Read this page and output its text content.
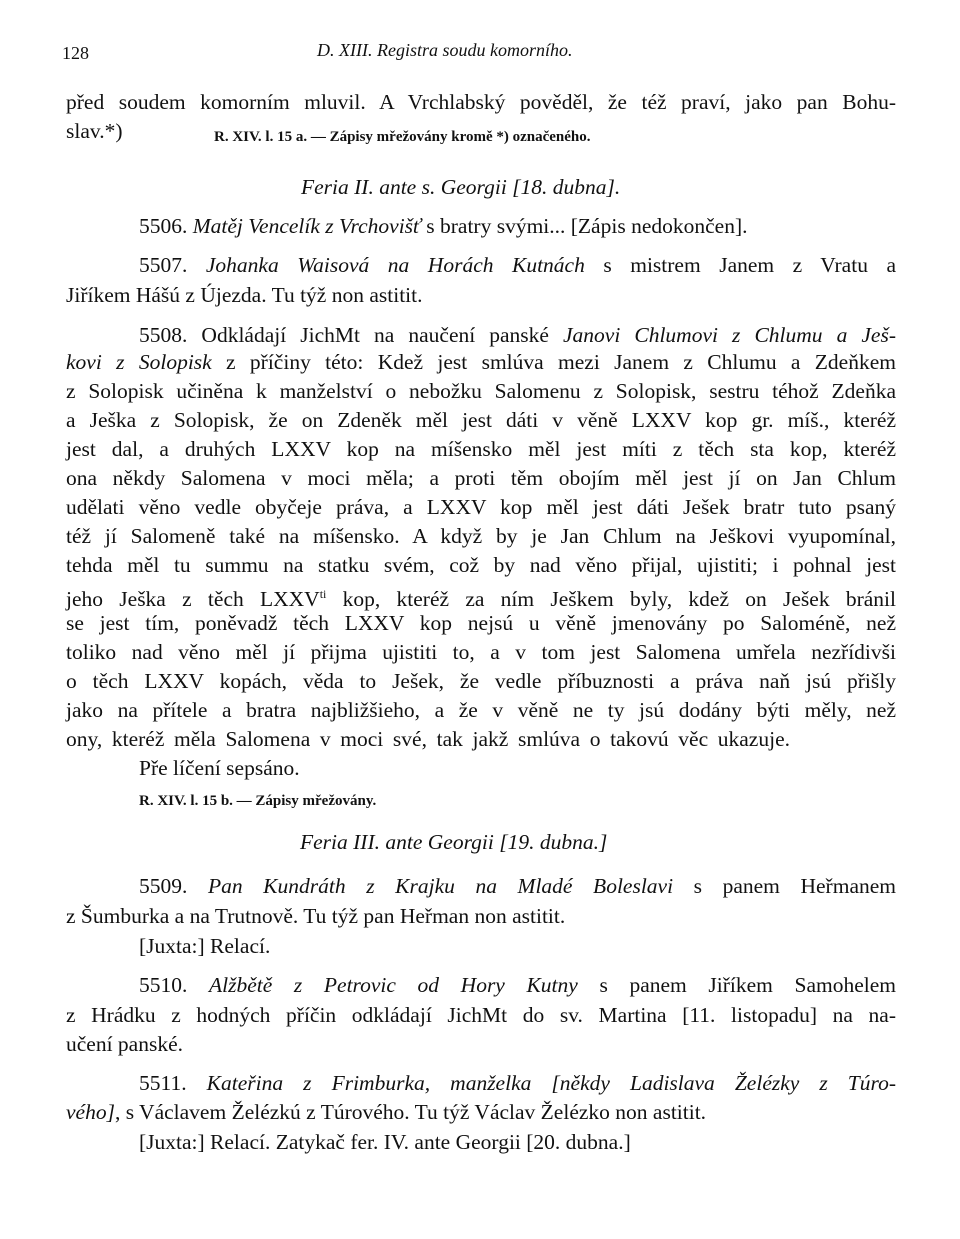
128	D. XIII. Registra soudu komorního.
před soudem komorním mluvil. A Vrchlabský pověděl, že též praví, jako pan Bohu-
slav.*)	R. XIV. l. 15 a. — Zápisy mřežovány kromě *) označeného.
Feria II. ante s. Georgii [18. dubna].
5506. Matěj Vencelík z Vrchovišť s bratry svými... [Zápis nedokončen].
5507. Johanka Waisová na Horách Kutnách s mistrem Janem z Vratu a
Jiříkem Hášú z Újezda. Tu týž non astitit.
5508. Odkládají JichMt na naučení panské Janovi Chlumovi z Chlumu a Ješ-
kovi z Solopisk z příčiny této: Kdež jest smlúva mezi Janem z Chlumu a Zdeňkem
z Solopisk učiněna k manželství o nebožku Salomenu z Solopisk, sestru téhož Zdeňka
a Ješka z Solopisk, že on Zdeněk měl jest dáti v věně LXXV kop gr. míš., kteréž
jest dal, a druhých LXXV kop na míšensko měl jest míti z těch sta kop, kteréž
ona někdy Salomena v moci měla; a proti těm obojím měl jest jí on Jan Chlum
udělati věno vedle obyčeje práva, a LXXV kop měl jest dáti Ješek bratr tuto psaný
též jí Salomeně také na míšensko. A když by je Jan Chlum na Ješkovi vyupomínal,
tehda měl tu summu na statku svém, což by nad věno přijal, ujistiti; i pohnal jest
jeho Ješka z těch $LXXV^{ti}$ kop, kteréž za ním Ješkem byly, kdež on Ješek bránil
se jest tím, poněvadž těch LXXV kop nejsú u věně jmenovány po Saloméně, než
toliko nad věno měl jí přijma ujistiti to, a v tom jest Salomena umřela nezřídivši
o těch LXXV kopách, věda to Ješek, že vedle příbuznosti a práva naň jsú přišly
jako na přítele a bratra najbližšieho, a že v věně ne ty jsú dodány býti měly, než
ony, kteréž měla Salomena v moci své, tak jakž smlúva o takovú věc ukazuje.
Pře líčení sepsáno.
R. XIV. l. 15 b. — Zápisy mřežovány.
Feria III. ante Georgii [19. dubna.]
5509. Pan Kundráth z Krajku na Mladé Boleslavi s panem Heřmanem
z Šumburka a na Trutnově. Tu týž pan Heřman non astitit.
[Juxta:] Relací.
5510. Alžbětě z Petrovic od Hory Kutny s panem Jiříkem Samohelem
z Hrádku z hodných příčin odkládají JichMt do sv. Martina [11. listopadu] na na-
učení panské.
5511. Kateřina z Frimburka, manželka [někdy Ladislava Želézky z Túro-
vého], s Václavem Želézkú z Túrového. Tu týž Václav Želézko non astitit.
[Juxta:] Relací. Zatykač fer. IV. ante Georgii [20. dubna.]
